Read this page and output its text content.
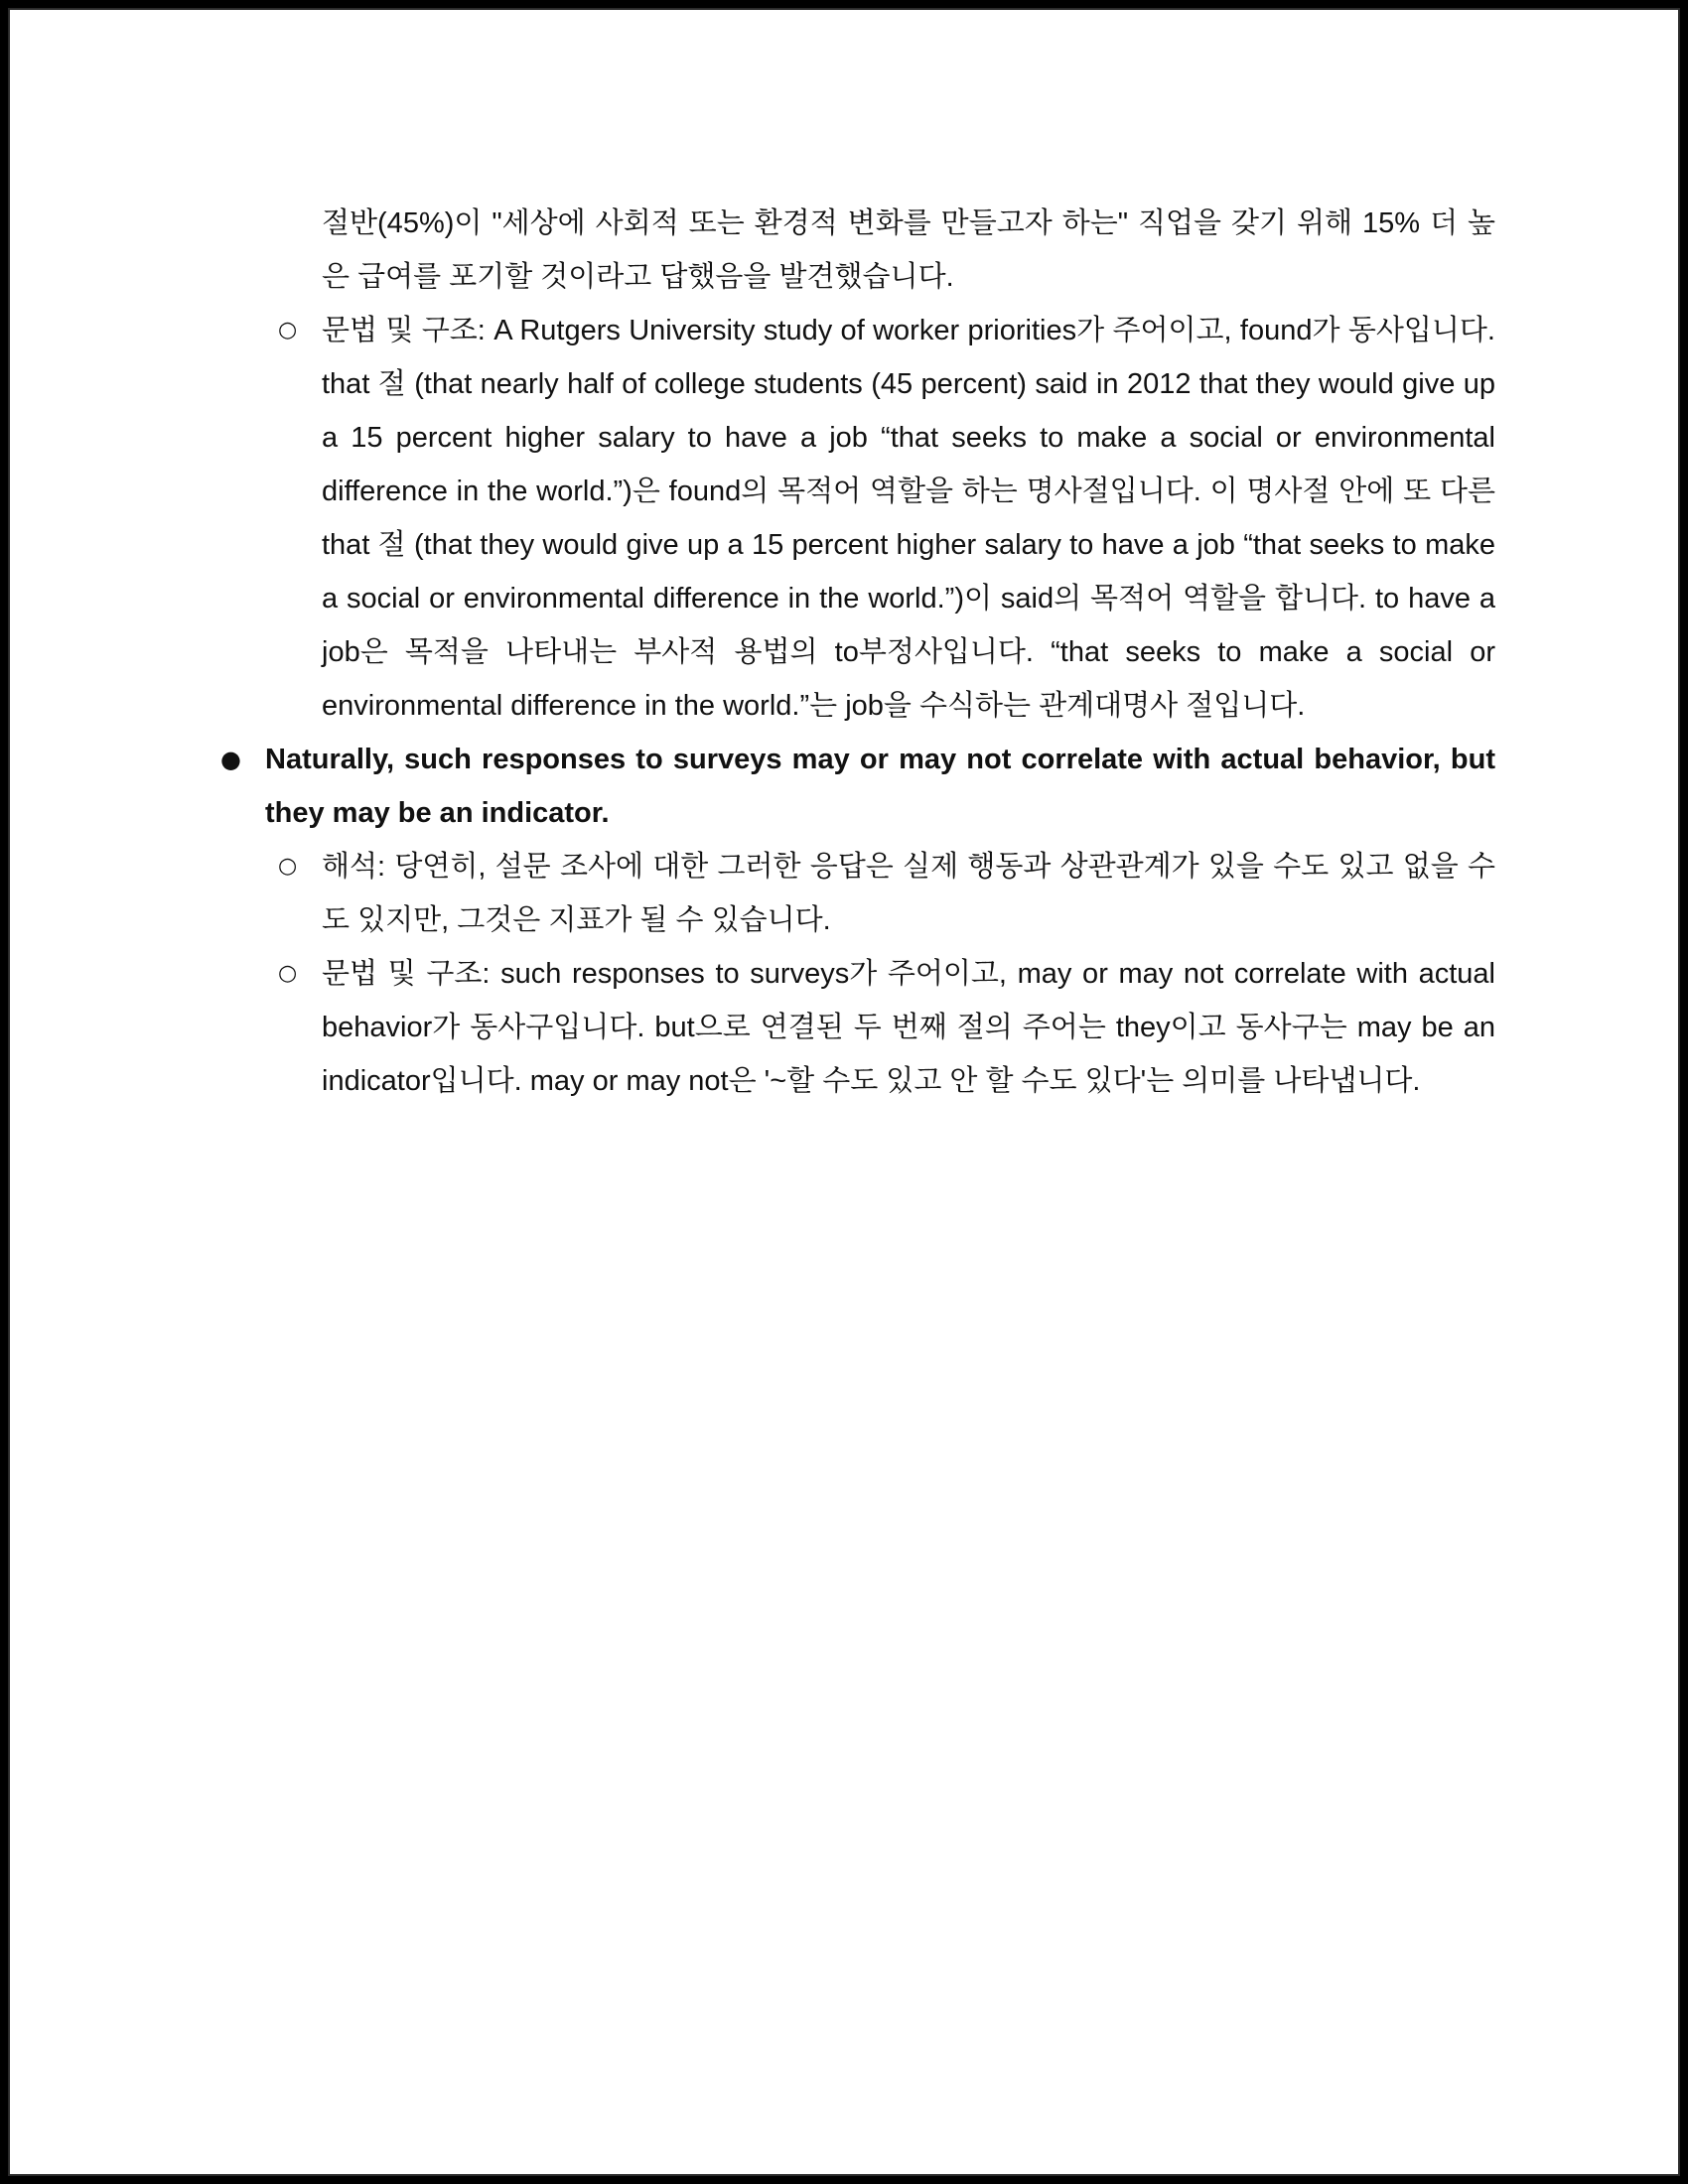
절반(45%)이 "세상에 사회적 또는 환경적 변화를 만들고자 하는" 직업을 갖기 위해 15% 더 높은 급여를 포기할 것이라고 답했음을 발견했습니다.

○ 문법 및 구조: A Rutgers University study of worker priorities가 주어이고, found가 동사입니다. that 절 (that nearly half of college students (45 percent) said in 2012 that they would give up a 15 percent higher salary to have a job “that seeks to make a social or environmental difference in the world.”)은 found의 목적어 역할을 하는 명사절입니다. 이 명사절 안에 또 다른 that 절 (that they would give up a 15 percent higher salary to have a job “that seeks to make a social or environmental difference in the world.”)이 said의 목적어 역할을 합니다. to have a job은 목적을 나타내는 부사적 용법의 to부정사입니다. “that seeks to make a social or environmental difference in the world.”는 job을 수식하는 관계대명사 절입니다.

● Naturally, such responses to surveys may or may not correlate with actual behavior, but they may be an indicator.

○ 해석: 당연히, 설문 조사에 대한 그러한 응답은 실제 행동과 상관관계가 있을 수도 있고 없을 수도 있지만, 그것은 지표가 될 수 있습니다.

○ 문법 및 구조: such responses to surveys가 주어이고, may or may not correlate with actual behavior가 동사구입니다. but으로 연결된 두 번째 절의 주어는 they이고 동사구는 may be an indicator입니다. may or may not은 '~할 수도 있고 안 할 수도 있다'는 의미를 나타냅니다.
